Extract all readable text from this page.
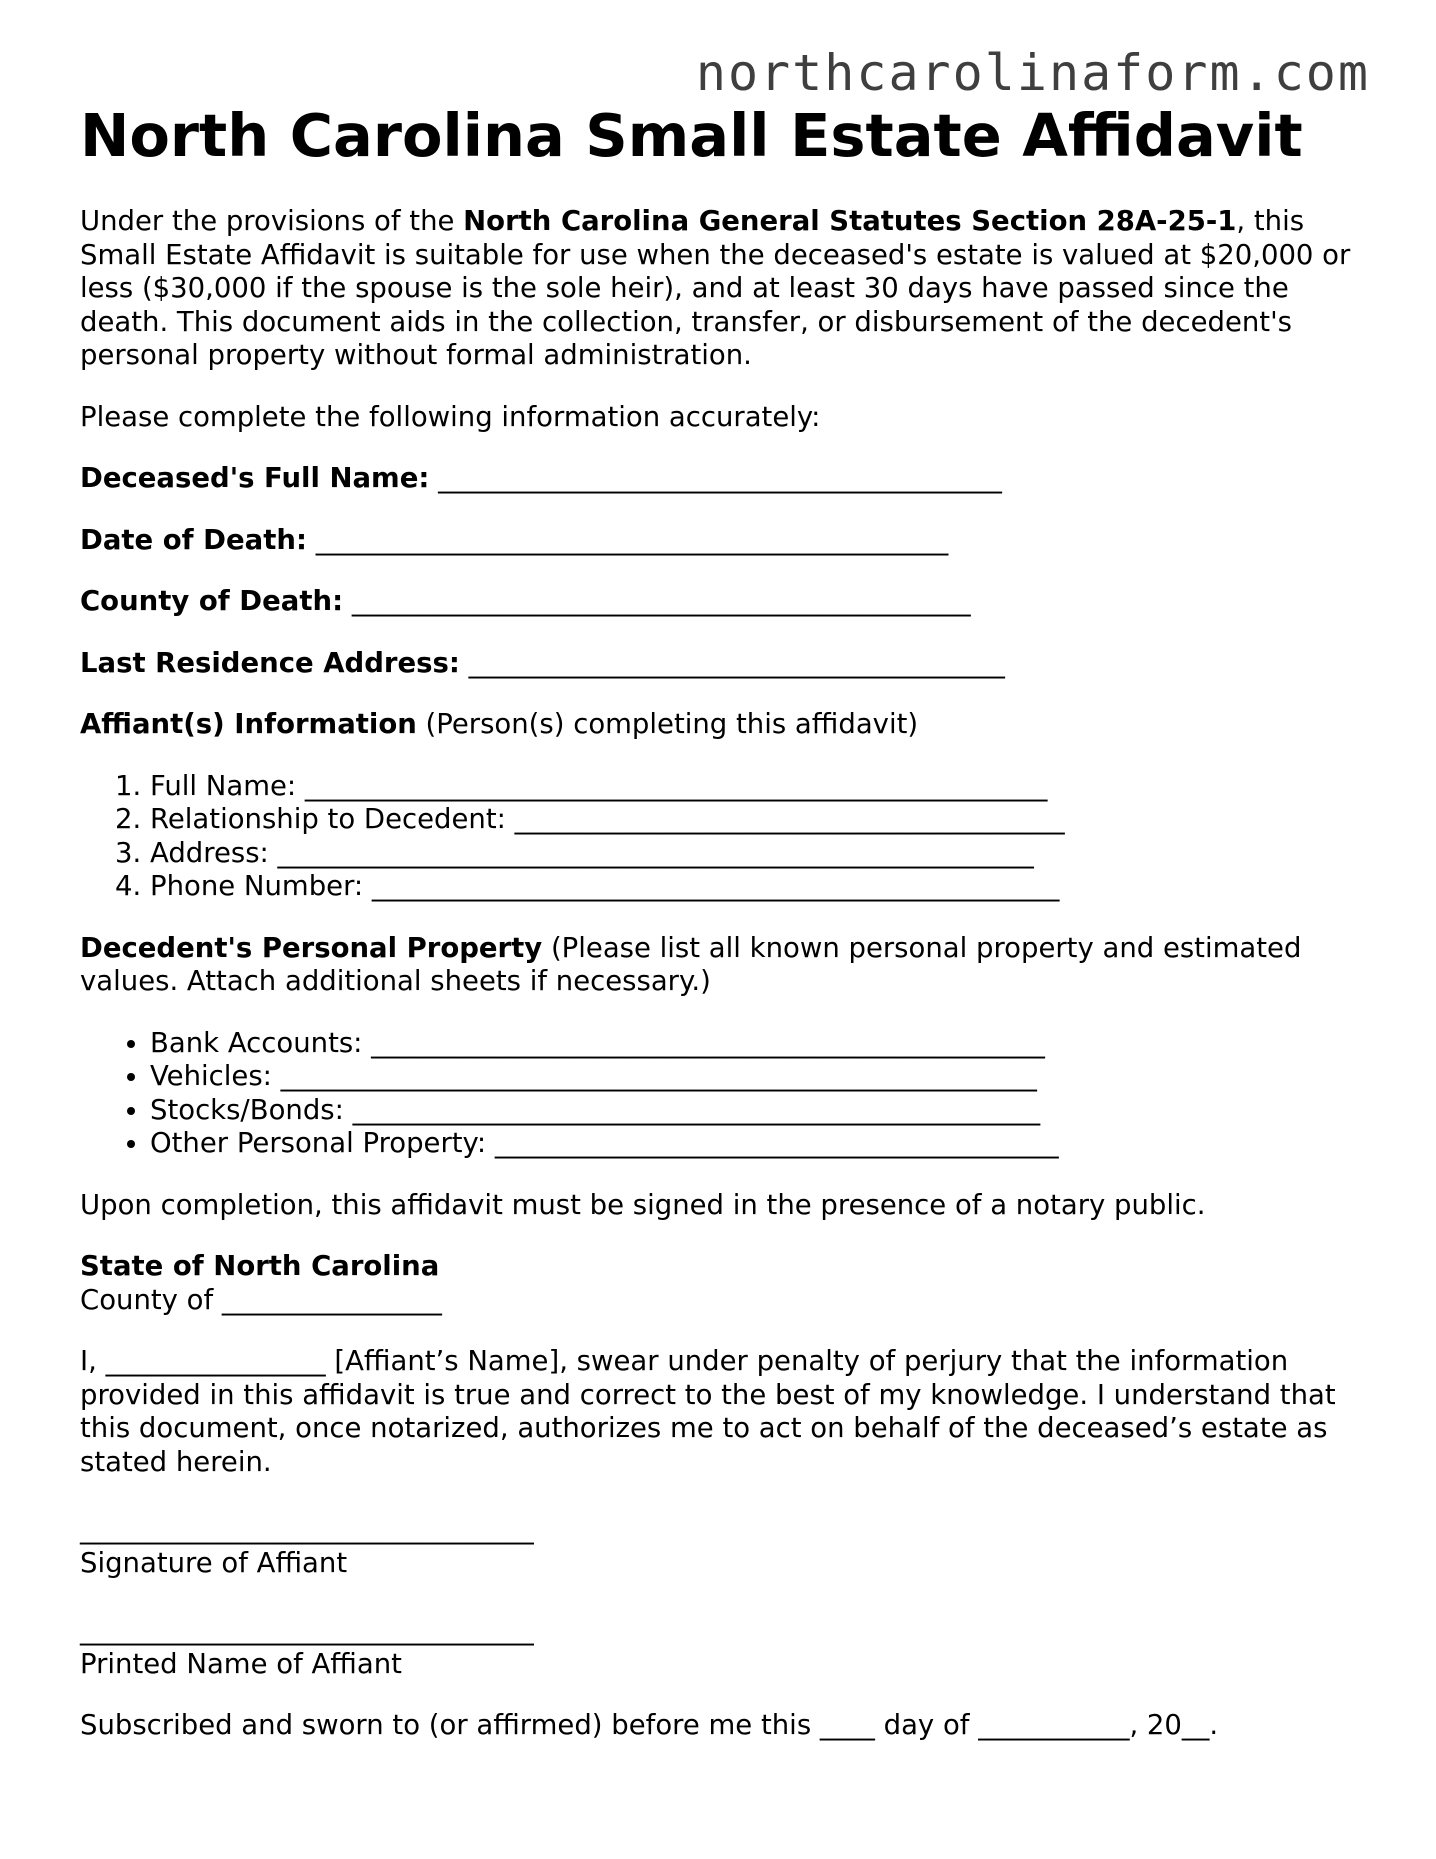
northcarolinaform.com
North Carolina Small Estate Affidavit

Under the provisions of the North Carolina General Statutes Section 28A-25-1, this Small Estate Affidavit is suitable for use when the deceased's estate is valued at $20,000 or less ($30,000 if the spouse is the sole heir), and at least 30 days have passed since the death. This document aids in the collection, transfer, or disbursement of the decedent's personal property without formal administration.

Please complete the following information accurately:

Deceased's Full Name: _________________________________________

Date of Death: ______________________________________________

County of Death: _____________________________________________

Last Residence Address: _______________________________________

Affiant(s) Information (Person(s) completing this affidavit)

1. Full Name: ______________________________________________________
2. Relationship to Decedent: ________________________________________
3. Address: _______________________________________________________
4. Phone Number: __________________________________________________

Decedent's Personal Property (Please list all known personal property and estimated values. Attach additional sheets if necessary.)

• Bank Accounts: _________________________________________________
• Vehicles: _______________________________________________________
• Stocks/Bonds: __________________________________________________
• Other Personal Property: _________________________________________

Upon completion, this affidavit must be signed in the presence of a notary public.

State of North Carolina

County of ________________

I, ________________ [Affiant’s Name], swear under penalty of perjury that the information provided in this affidavit is true and correct to the best of my knowledge. I understand that this document, once notarized, authorizes me to act on behalf of the deceased’s estate as stated herein.

_________________________________

Signature of Affiant

_________________________________

Printed Name of Affiant

Subscribed and sworn to (or affirmed) before me this ____ day of ___________, 20__.
